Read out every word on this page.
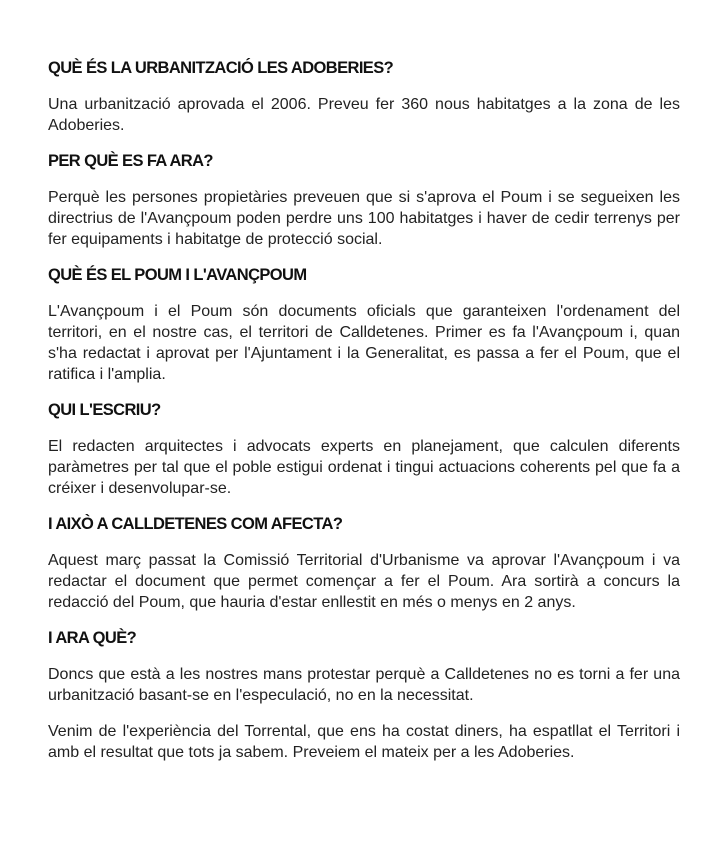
QUÈ ÉS LA URBANITZACIÓ LES ADOBERIES?

Una urbanització aprovada el 2006. Preveu fer 360 nous habitatges a la zona de les Adoberies.

PER QUÈ ES FA ARA?

Perquè les persones propietàries preveuen que si s'aprova el Poum i se segueixen les directrius de l'Avançpoum poden perdre uns 100 habitatges i haver de cedir terrenys per fer equipaments i habitatge de protecció social.

QUÈ ÉS EL POUM I L'AVANÇPOUM

L'Avançpoum i el Poum són documents oficials que garanteixen l'ordenament del territori, en el nostre cas, el territori de Calldetenes. Primer es fa l'Avançpoum i, quan s'ha redactat i aprovat per l'Ajuntament i la Generalitat, es passa a fer el Poum, que el ratifica i l'amplia.

QUI L'ESCRIU?

El redacten arquitectes i advocats experts en planejament, que calculen diferents paràmetres per tal que el poble estigui ordenat i tingui actuacions coherents pel que fa a créixer i desenvolupar-se.

I AIXÒ A CALLDETENES COM AFECTA?

Aquest març passat la Comissió Territorial d'Urbanisme va aprovar l'Avançpoum i va redactar el document que permet començar a fer el Poum. Ara sortirà a concurs la redacció del Poum, que hauria d'estar enllestit en més o menys en 2 anys.

I ARA QUÈ?

Doncs que està a les nostres mans protestar perquè a Calldetenes no es torni a fer una urbanització basant-se en l'especulació, no en la necessitat.

Venim de l'experiència del Torrental, que ens ha costat diners, ha espatllat el Territori i amb el resultat que tots ja sabem. Preveiem el mateix per a les Adoberies.
